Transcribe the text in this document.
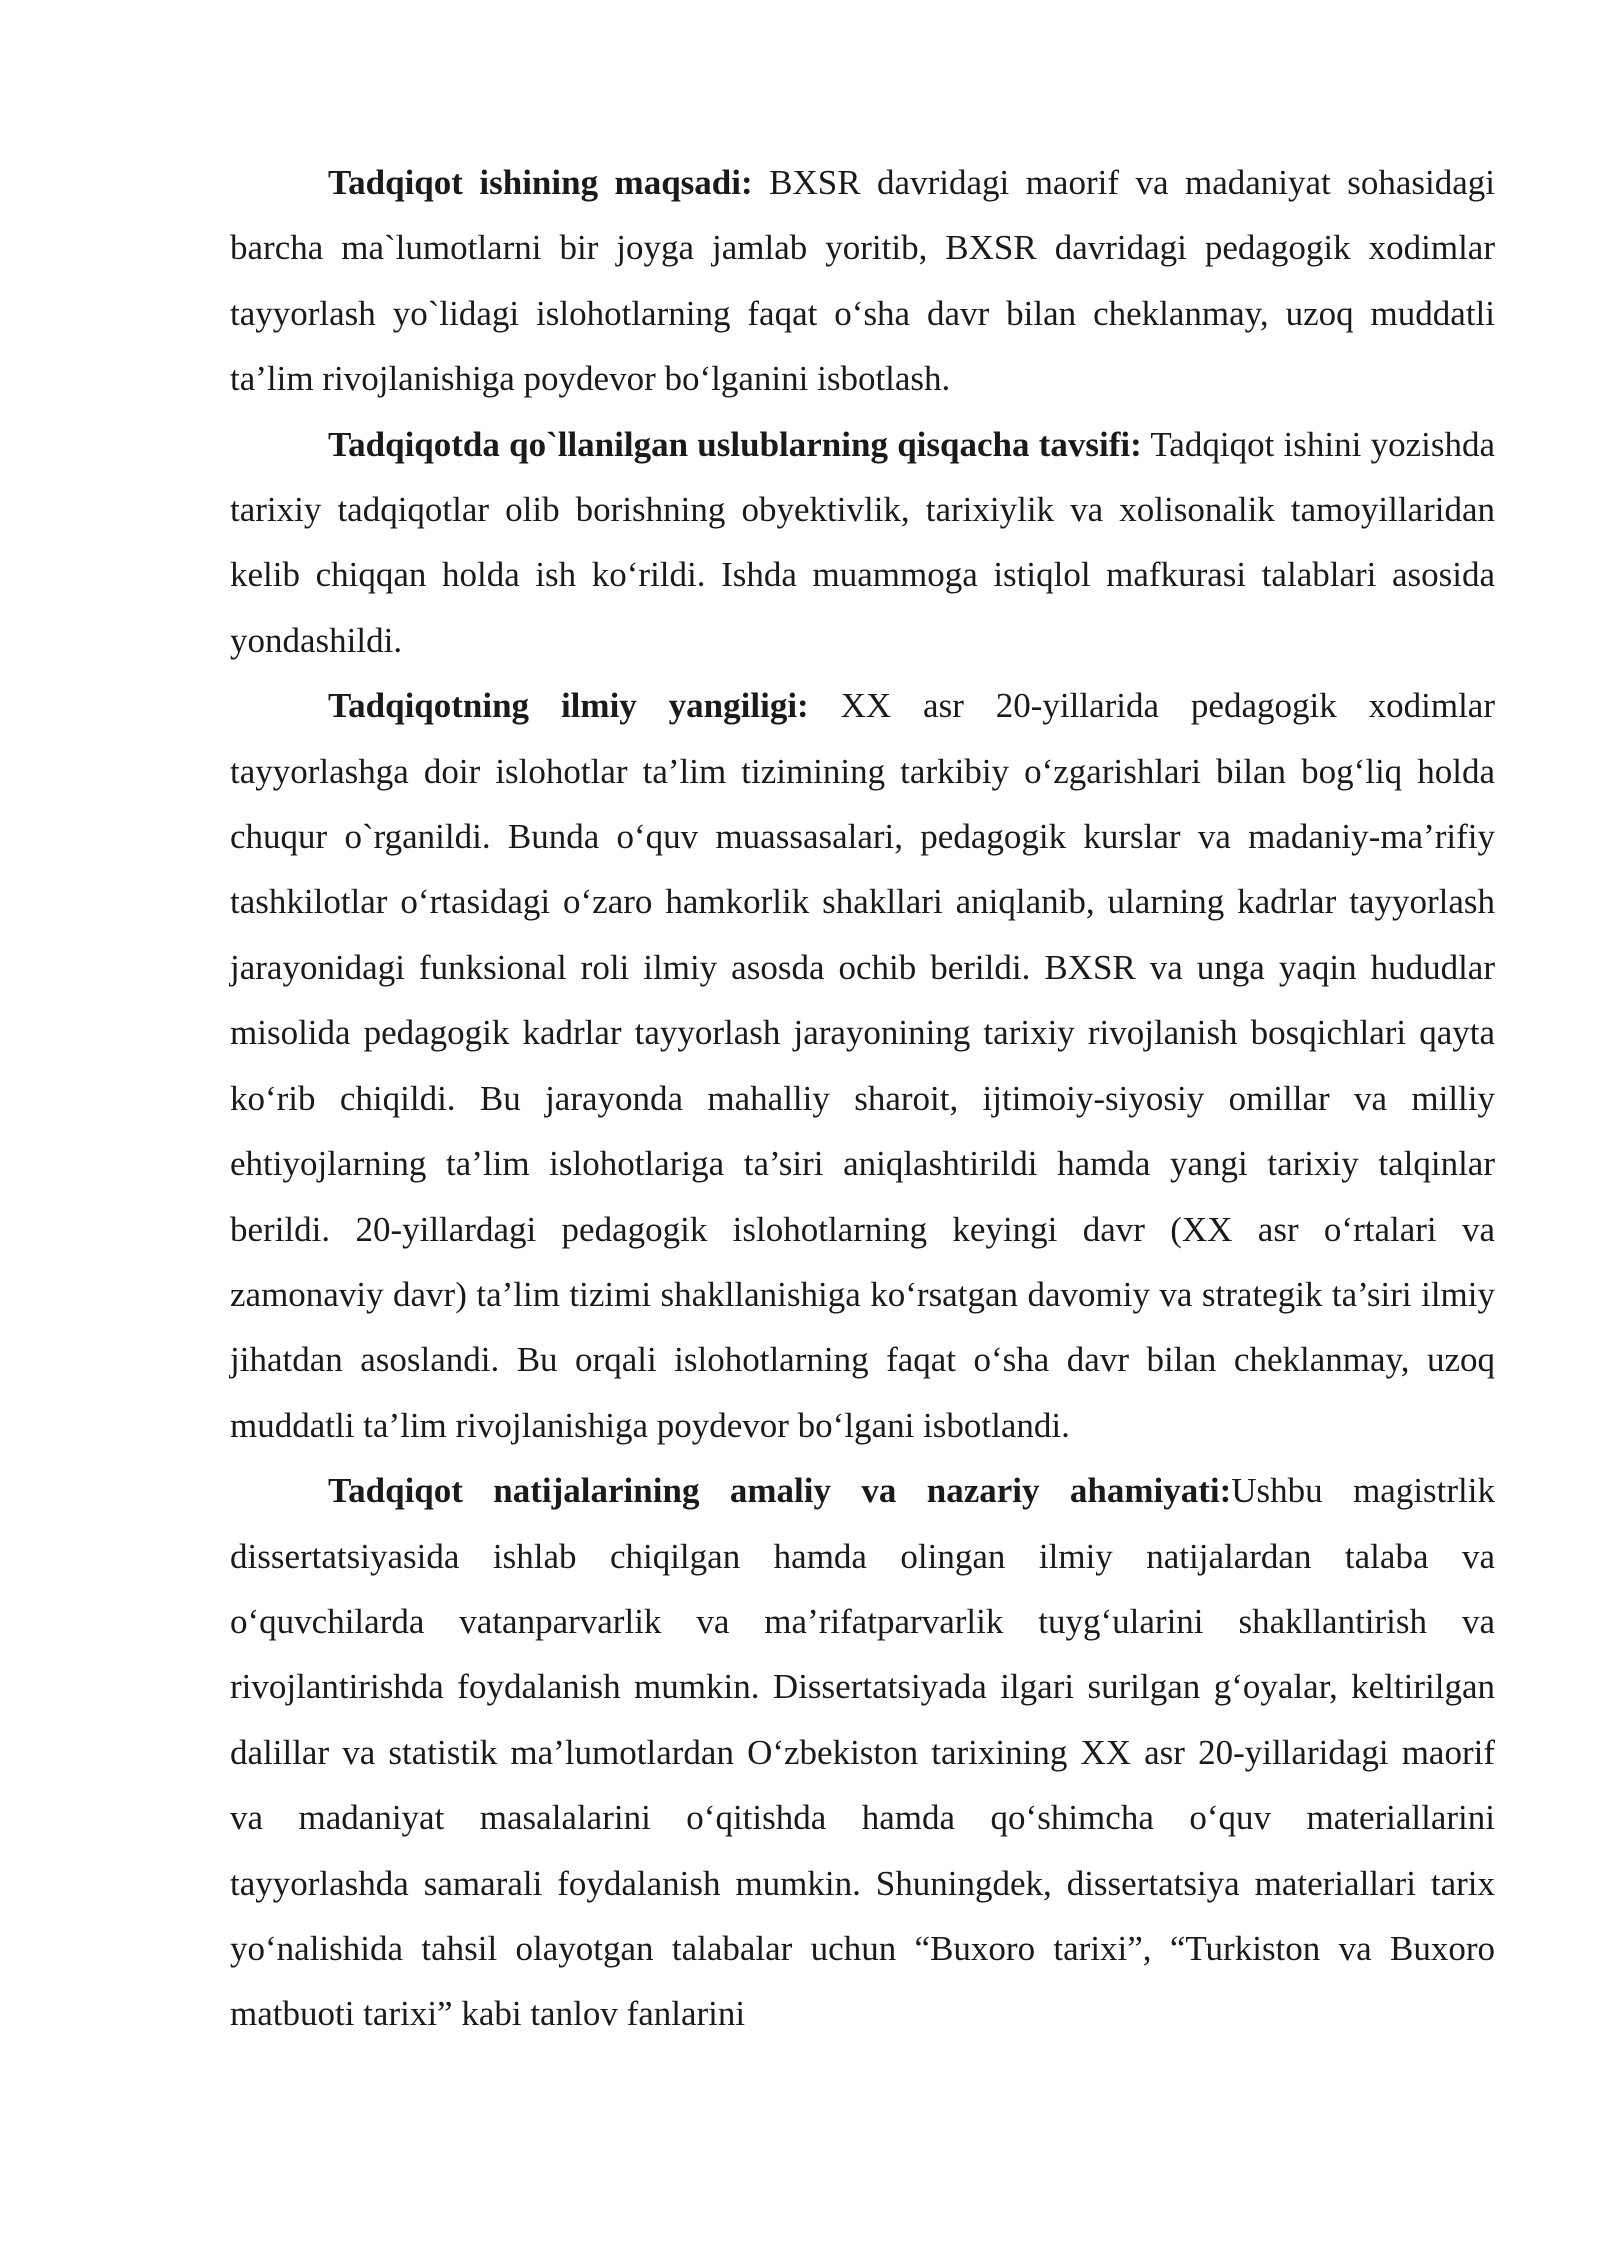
Tadqiqot ishining maqsadi: BXSR davridagi maorif va madaniyat sohasidagi barcha ma`lumotlarni bir joyga jamlab yoritib, BXSR davridagi pedagogik xodimlar tayyorlash yo`lidagi islohotlarning faqat o‘sha davr bilan cheklanmay, uzoq muddatli ta’lim rivojlanishiga poydevor bo‘lganini isbotlash.

Tadqiqotda qo`llanilgan uslublarning qisqacha tavsifi: Tadqiqot ishini yozishda tarixiy tadqiqotlar olib borishning obyektivlik, tarixiylik va xolisonalik tamoyillaridan kelib chiqqan holda ish ko‘rildi. Ishda muammoga istiqlol mafkurasi talablari asosida yondashildi.

Tadqiqotning ilmiy yangiligi: XX asr 20-yillarida pedagogik xodimlar tayyorlashga doir islohotlar ta’lim tizimining tarkibiy o‘zgarishlari bilan bog‘liq holda chuqur o`rganildi. Bunda o‘quv muassasalari, pedagogik kurslar va madaniy-ma’rifiy tashkilotlar o‘rtasidagi o‘zaro hamkorlik shakllari aniqlanib, ularning kadrlar tayyorlash jarayonidagi funksional roli ilmiy asosda ochib berildi. BXSR va unga yaqin hududlar misolida pedagogik kadrlar tayyorlash jarayonining tarixiy rivojlanish bosqichlari qayta ko‘rib chiqildi. Bu jarayonda mahalliy sharoit, ijtimoiy-siyosiy omillar va milliy ehtiyojlarning ta’lim islohotlariga ta’siri aniqlashtirildi hamda yangi tarixiy talqinlar berildi. 20-yillardagi pedagogik islohotlarning keyingi davr (XX asr o‘rtalari va zamonaviy davr) ta’lim tizimi shakllanishiga ko‘rsatgan davomiy va strategik ta’siri ilmiy jihatdan asoslandi. Bu orqali islohotlarning faqat o‘sha davr bilan cheklanmay, uzoq muddatli ta’lim rivojlanishiga poydevor bo‘lgani isbotlandi.

Tadqiqot natijalarining amaliy va nazariy ahamiyati:Ushbu magistrlik dissertatsiyasida ishlab chiqilgan hamda olingan ilmiy natijalardan talaba va o‘quvchilarda vatanparvarlik va ma’rifatparvarlik tuyg‘ularini shakllantirish va rivojlantirishda foydalanish mumkin. Dissertatsiyada ilgari surilgan g‘oyalar, keltirilgan dalillar va statistik ma’lumotlardan O‘zbekiston tarixining XX asr 20-yillaridagi maorif va madaniyat masalalarini o‘qitishda hamda qo‘shimcha o‘quv materiallarini tayyorlashda samarali foydalanish mumkin. Shuningdek, dissertatsiya materiallari tarix yo‘nalishida tahsil olayotgan talabalar uchun “Buxoro tarixi”, “Turkiston va Buxoro matbuoti tarixi” kabi tanlov fanlarini
